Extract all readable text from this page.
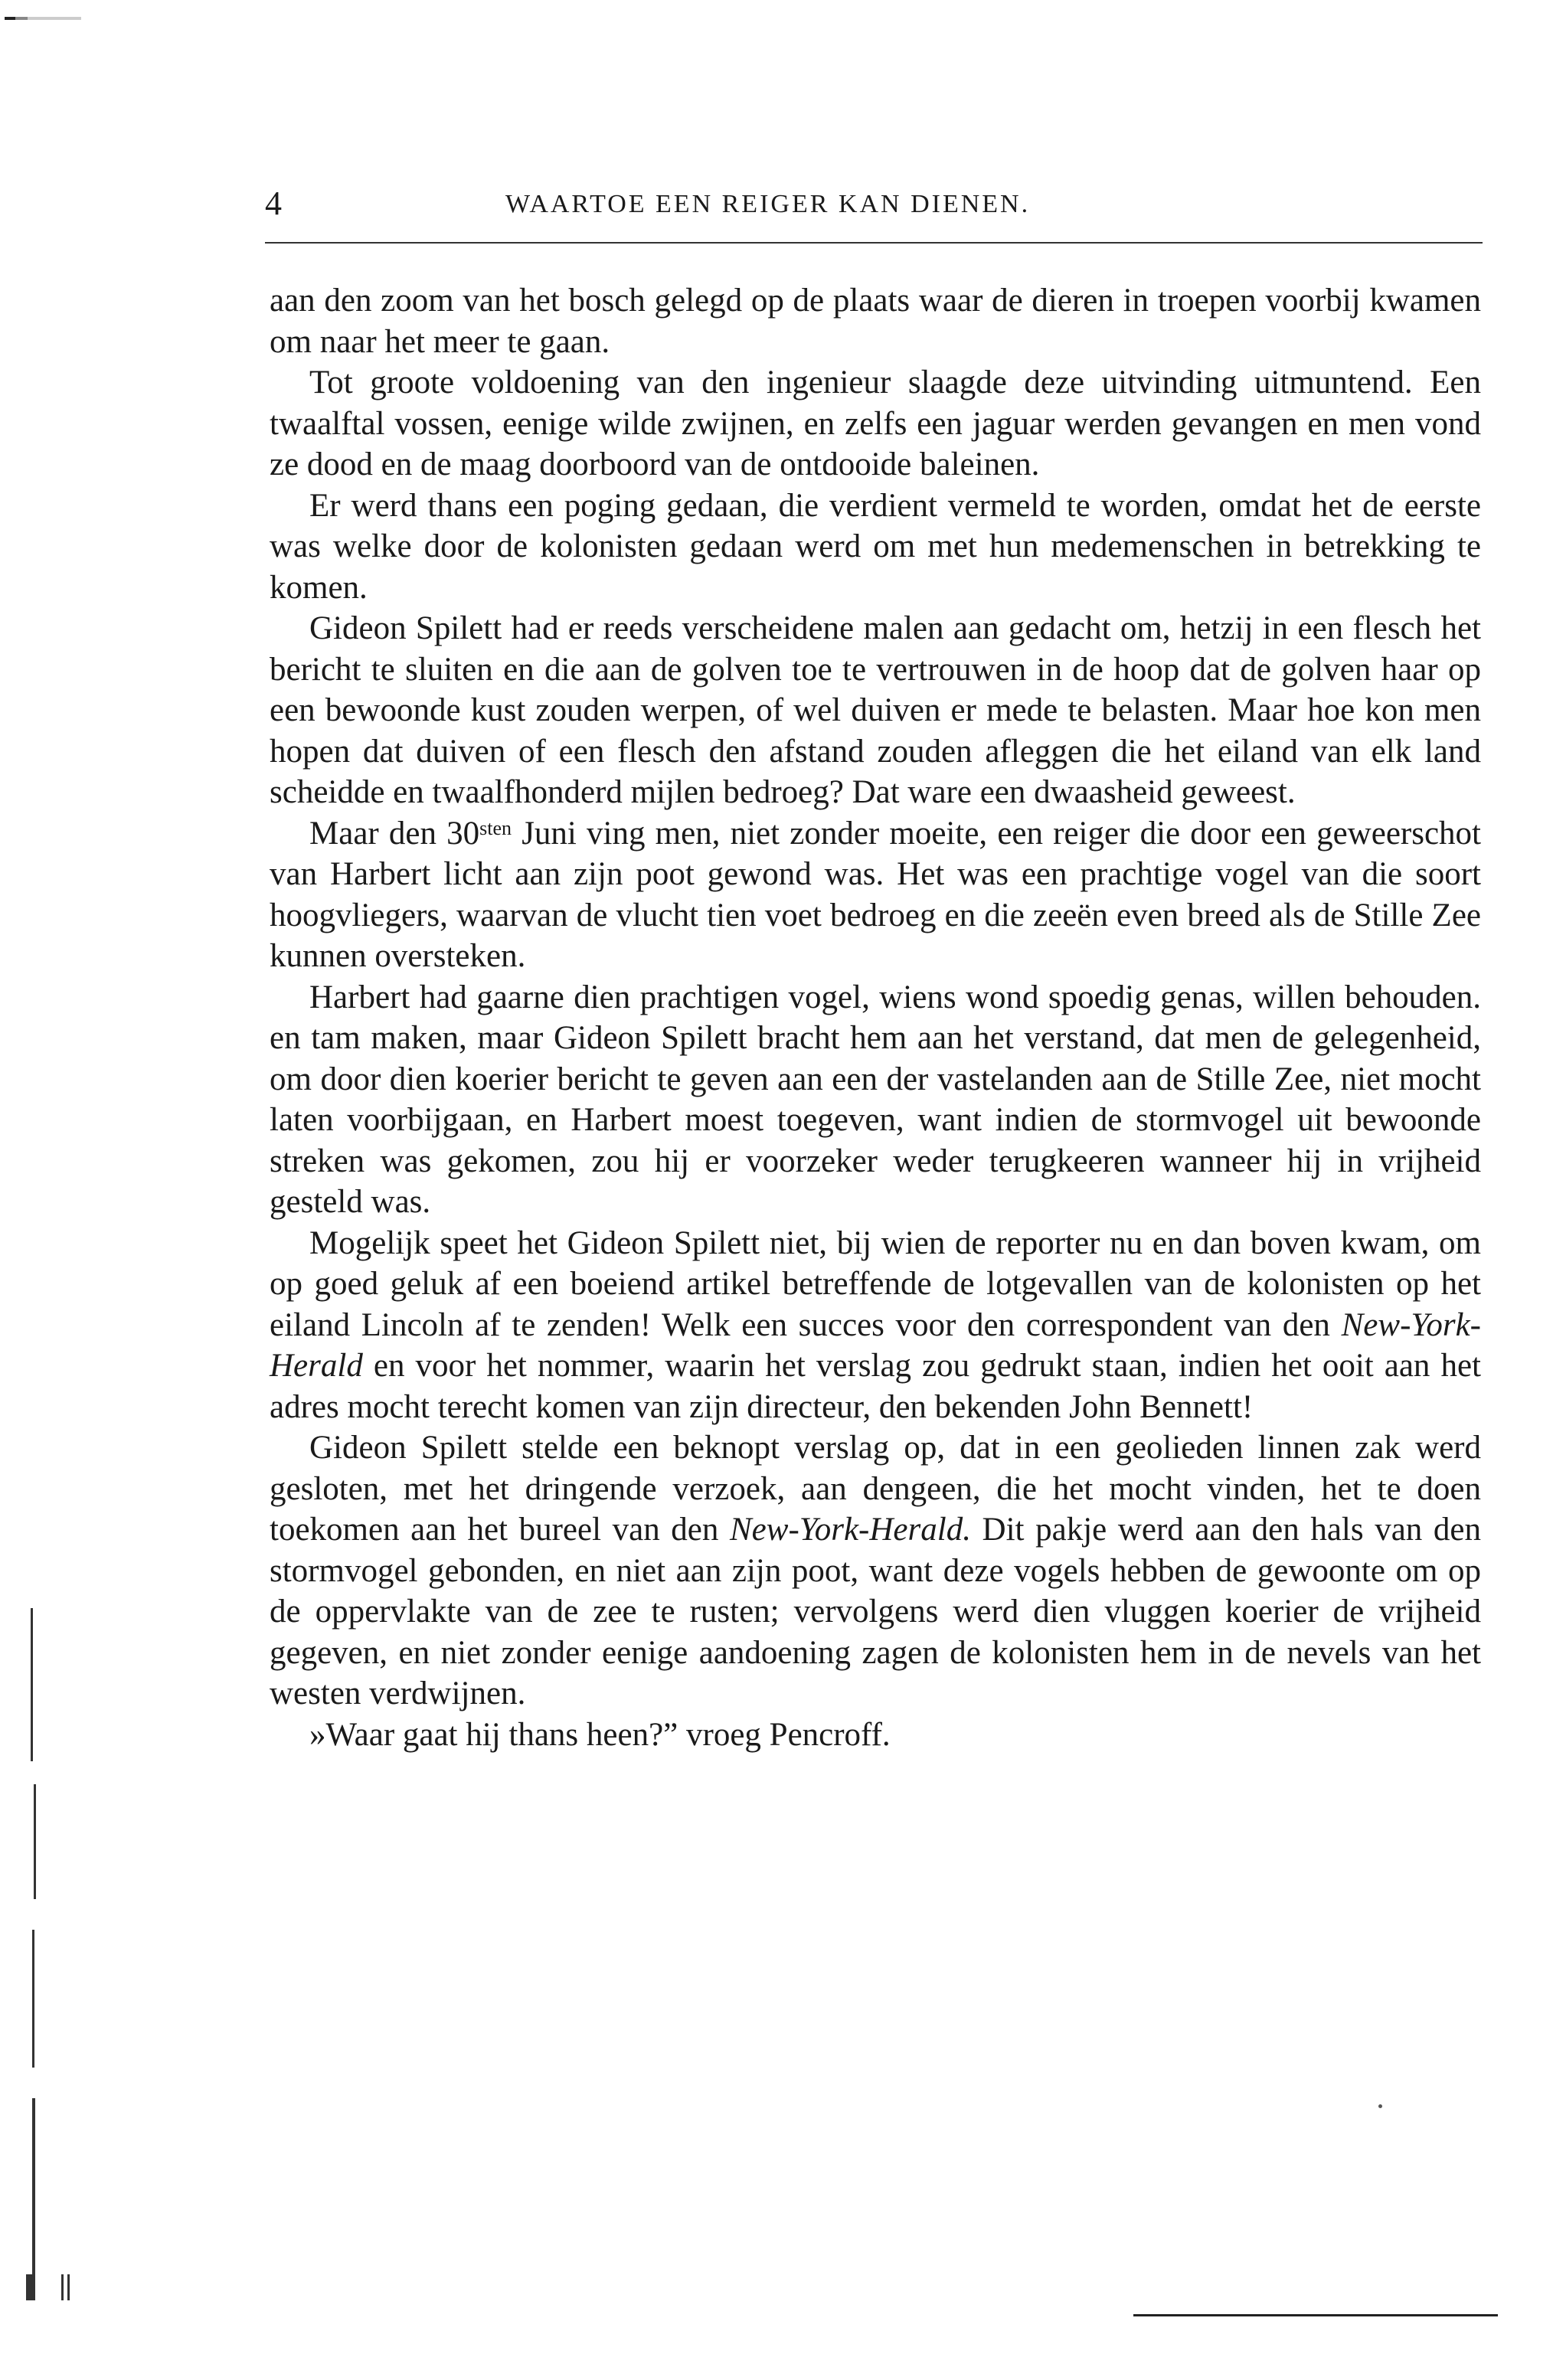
4	WAARTOE EEN REIGER KAN DIENEN.

aan den zoom van het bosch gelegd op de plaats waar de dieren in troepen voorbij kwamen om naar het meer te gaan.

Tot groote voldoening van den ingenieur slaagde deze uitvinding uitmuntend. Een twaalftal vossen, eenige wilde zwijnen, en zelfs een jaguar werden gevangen en men vond ze dood en de maag doorboord van de ontdooide baleinen.

Er werd thans een poging gedaan, die verdient vermeld te worden, omdat het de eerste was welke door de kolonisten gedaan werd om met hun medemenschen in betrekking te komen.

Gideon Spilett had er reeds verscheidene malen aan gedacht om, hetzij in een flesch het bericht te sluiten en die aan de golven toe te vertrouwen in de hoop dat de golven haar op een bewoonde kust zouden werpen, of wel duiven er mede te belasten. Maar hoe kon men hopen dat duiven of een flesch den afstand zouden afleggen die het eiland van elk land scheidde en twaalfhonderd mijlen bedroeg? Dat ware een dwaasheid geweest.

Maar den $30^{sten}$ Juni ving men, niet zonder moeite, een reiger die door een geweerschot van Harbert licht aan zijn poot gewond was. Het was een prachtige vogel van die soort hoogvliegers, waarvan de vlucht tien voet bedroeg en die zeeën even breed als de Stille Zee kunnen oversteken.

Harbert had gaarne dien prachtigen vogel, wiens wond spoedig genas, willen behouden. en tam maken, maar Gideon Spilett bracht hem aan het verstand, dat men de gelegenheid, om door dien koerier bericht te geven aan een der vastelanden aan de Stille Zee, niet mocht laten voorbijgaan, en Harbert moest toegeven, want indien de stormvogel uit bewoonde streken was gekomen, zou hij er voorzeker weder terugkeeren wanneer hij in vrijheid gesteld was.

Mogelijk speet het Gideon Spilett niet, bij wien de reporter nu en dan boven kwam, om op goed geluk af een boeiend artikel betreffende de lotgevallen van de kolonisten op het eiland Lincoln af te zenden! Welk een succes voor den correspondent van den New-York-Herald en voor het nommer, waarin het verslag zou gedrukt staan, indien het ooit aan het adres mocht terecht komen van zijn directeur, den bekenden John Bennett!

Gideon Spilett stelde een beknopt verslag op, dat in een geolieden linnen zak werd gesloten, met het dringende verzoek, aan dengeen, die het mocht vinden, het te doen toekomen aan het bureel van den New-York-Herald. Dit pakje werd aan den hals van den stormvogel gebonden, en niet aan zijn poot, want deze vogels hebben de gewoonte om op de oppervlakte van de zee te rusten; vervolgens werd dien vluggen koerier de vrijheid gegeven, en niet zonder eenige aandoening zagen de kolonisten hem in de nevels van het westen verdwijnen.

»Waar gaat hij thans heen?” vroeg Pencroff.
